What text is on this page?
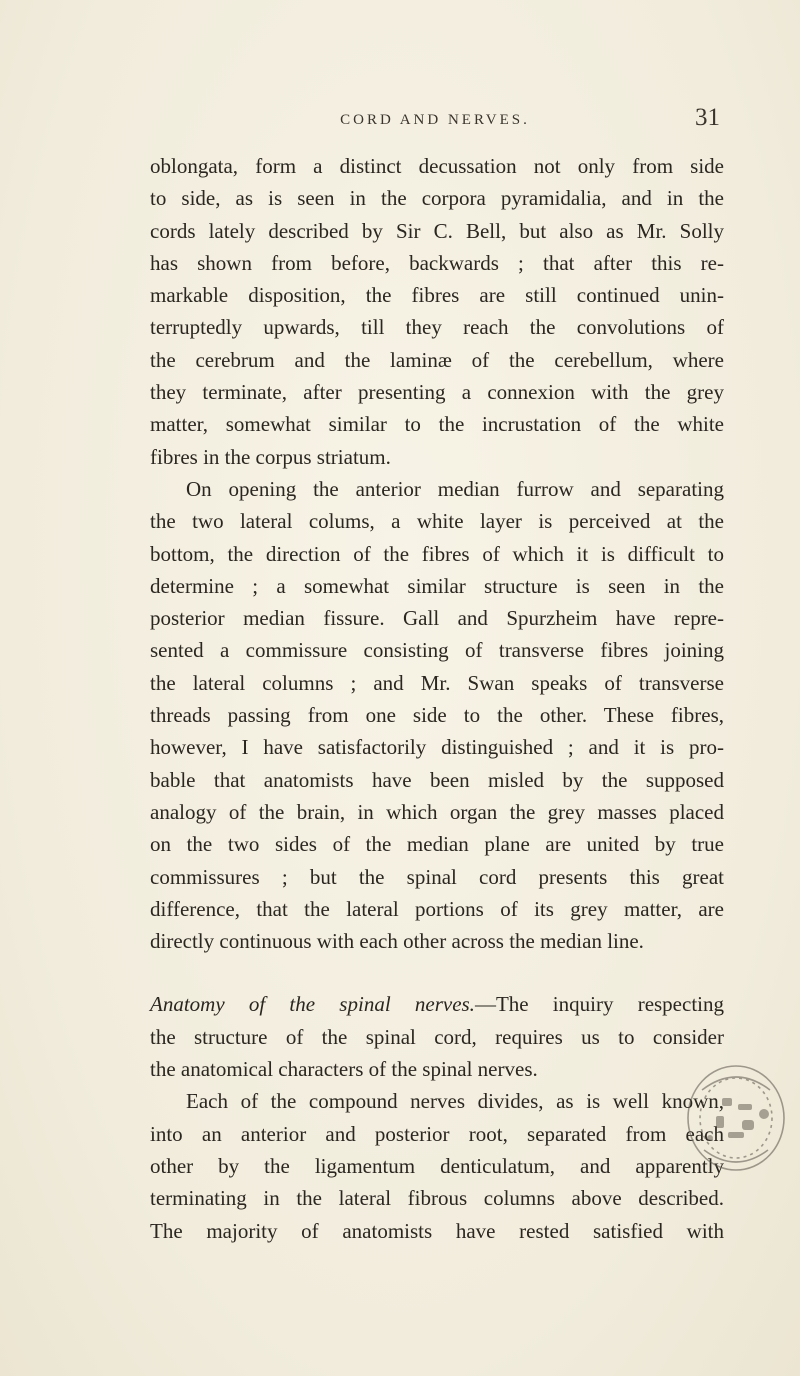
CORD AND NERVES.	31
oblongata, form a distinct decussation not only from side
to side, as is seen in the corpora pyramidalia, and in the
cords lately described by Sir C. Bell, but also as Mr. Solly
has shown from before, backwards ; that after this re-
markable disposition, the fibres are still continued unin-
terruptedly upwards, till they reach the convolutions of
the cerebrum and the laminæ of the cerebellum, where
they terminate, after presenting a connexion with the grey
matter, somewhat similar to the incrustation of the white
fibres in the corpus striatum.
On opening the anterior median furrow and separating
the two lateral colums, a white layer is perceived at the
bottom, the direction of the fibres of which it is difficult to
determine ; a somewhat similar structure is seen in the
posterior median fissure. Gall and Spurzheim have repre-
sented a commissure consisting of transverse fibres joining
the lateral columns ; and Mr. Swan speaks of transverse
threads passing from one side to the other. These fibres,
however, I have satisfactorily distinguished ; and it is pro-
bable that anatomists have been misled by the supposed
analogy of the brain, in which organ the grey masses placed
on the two sides of the median plane are united by true
commissures ; but the spinal cord presents this great
difference, that the lateral portions of its grey matter, are
directly continuous with each other across the median line.
Anatomy of the spinal nerves.—The inquiry respecting
the structure of the spinal cord, requires us to consider
the anatomical characters of the spinal nerves.
Each of the compound nerves divides, as is well known,
into an anterior and posterior root, separated from each
other by the ligamentum denticulatum, and apparently
terminating in the lateral fibrous columns above described.
The majority of anatomists have rested satisfied with
